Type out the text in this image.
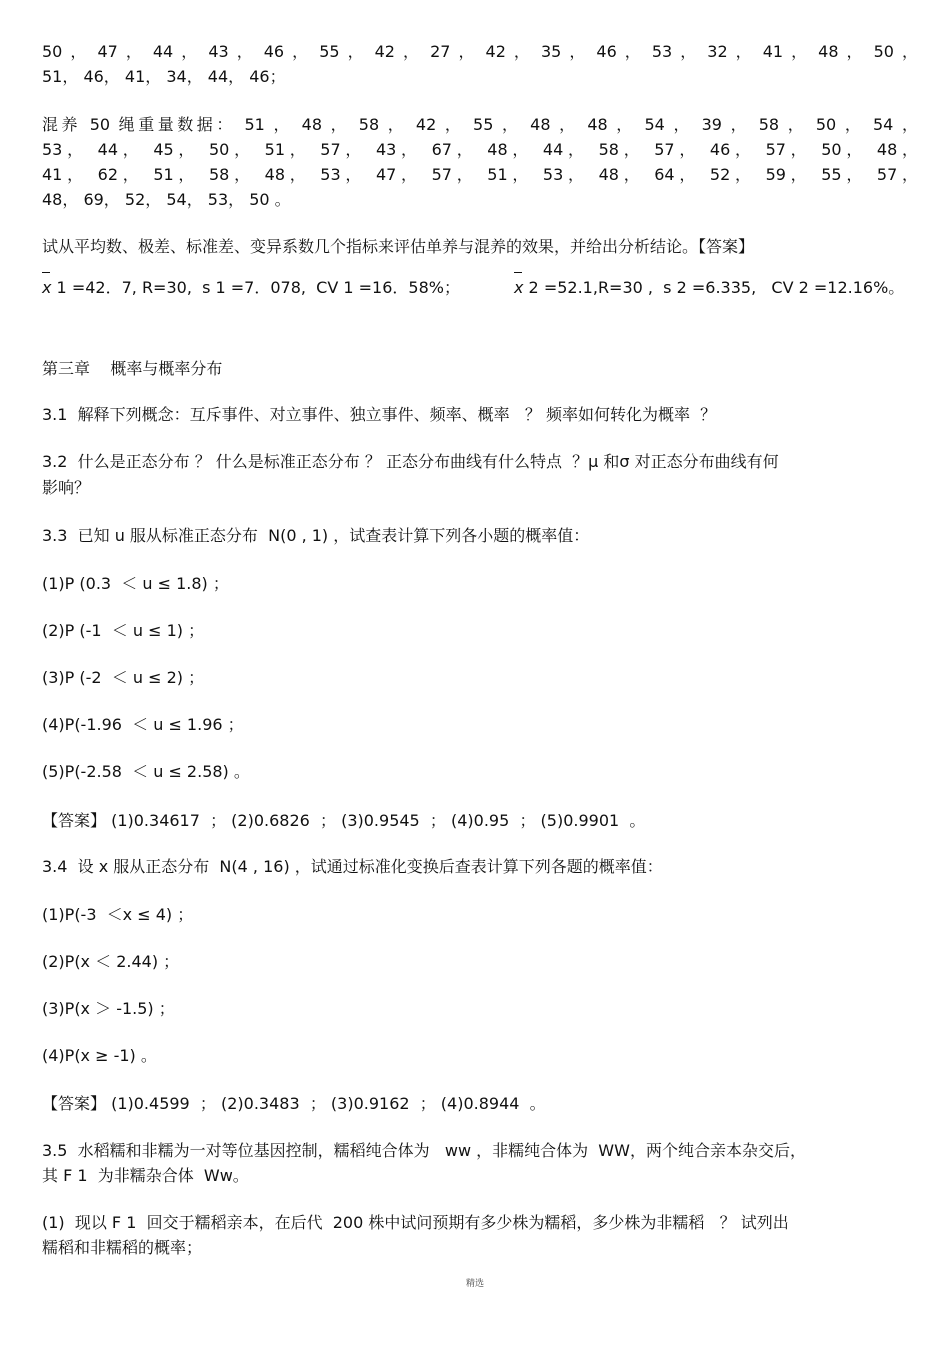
50 ， 47 ， 44 ， 43 ， 46 ， 55 ， 42 ， 27 ， 42 ， 35 ， 46 ， 53 ， 32 ， 41 ， 48 ， 50 ，
51， 46， 41， 34， 44， 46；
混养 50 绳重量数据： 51 ， 48 ， 58 ， 42 ， 55 ， 48 ， 48 ， 54 ， 39 ， 58 ， 50 ， 54 ，
53， 44， 45， 50， 51， 57， 43， 67， 48， 44， 58， 57， 46， 57， 50， 48，
41， 62， 51， 58， 48， 53， 47， 57， 51， 53， 48， 64， 52， 59， 55， 57，
48， 69， 52， 54， 53， 50 。
试从平均数、极差、标准差、变异系数几个指标来评估单养与混养的效果，并给出分析结论。【答案】
x 1 =42．7, R=30,  s 1 =7．078,  CV 1 =16．58%；	x 2 =52.1,R=30 ,  s 2 =6.335,   CV 2 =12.16%。
第三章    概率与概率分布
3.1  解释下列概念：互斥事件、对立事件、独立事件、频率、概率   ？ 频率如何转化为概率  ？
3.2  什么是正态分布 ？ 什么是标准正态分布 ？ 正态分布曲线有什么特点  ？μ 和σ 对正态分布曲线有何
影响？
3.3  已知 u 服从标准正态分布  N(0 , 1) ，试查表计算下列各小题的概率值：
(1)P (0.3  ＜ u ≤ 1.8) ；
(2)P (-1  ＜ u ≤ 1) ；
(3)P (-2  ＜ u ≤ 2) ；
(4)P(-1.96  ＜ u ≤ 1.96 ；
(5)P(-2.58  ＜ u ≤ 2.58) 。
【答案】 (1)0.34617  ； (2)0.6826  ； (3)0.9545  ； (4)0.95  ； (5)0.9901  。
3.4  设 x 服从正态分布  N(4 , 16) ，试通过标准化变换后查表计算下列各题的概率值：
(1)P(-3  ＜x ≤ 4) ；
(2)P(x ＜ 2.44) ；
(3)P(x ＞ -1.5) ；
(4)P(x ≥ -1) 。
【答案】 (1)0.4599  ； (2)0.3483  ； (3)0.9162  ； (4)0.8944  。
3.5  水稻糯和非糯为一对等位基因控制，糯稻纯合体为   ww ，非糯纯合体为  WW，两个纯合亲本杂交后，
其 F 1  为非糯杂合体  Ww。
(1)  现以 F 1  回交于糯稻亲本，在后代  200 株中试问预期有多少株为糯稻，多少株为非糯稻   ？ 试列出
糯稻和非糯稻的概率；
精选
